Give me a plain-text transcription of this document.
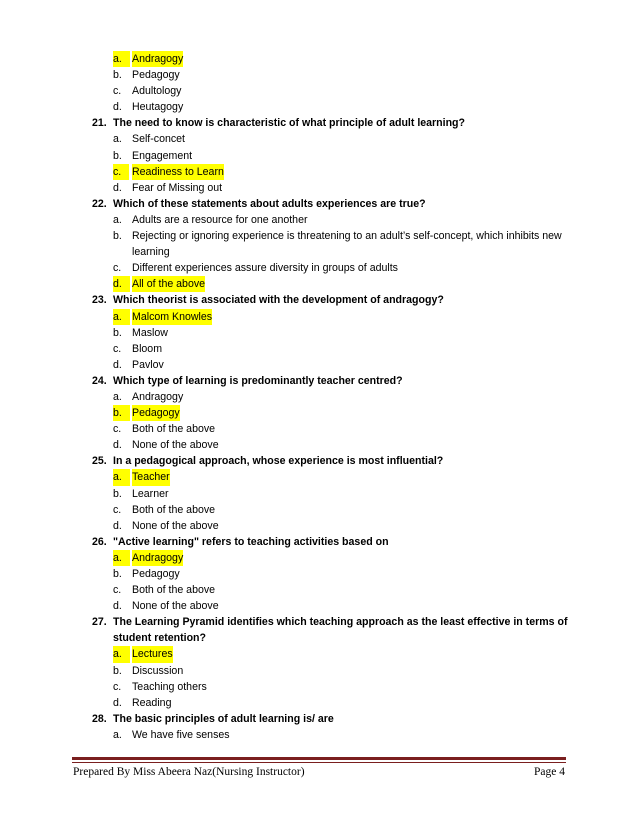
a. Andragogy
b. Pedagogy
c. Adultology
d. Heutagogy
21. The need to know is characteristic of what principle of adult learning?
a. Self-concet
b. Engagement
c.	Readiness to Learn
d. Fear of Missing out
22. Which of these statements about adults experiences are true?
a. Adults are a resource for one another
b. Rejecting or ignoring experience is threatening to an adult’s self-concept, which inhibits new
learning
c. Different experiences assure diversity in groups of adults
d. All of the above
23. Which theorist is associated with the development of andragogy?
a. Malcom Knowles
b. Maslow
c. Bloom
d. Pavlov
24. Which type of learning is predominantly teacher centred?
a. Andragogy
b. Pedagogy
c. Both of the above
d. None of the above
25. In a pedagogical approach, whose experience is most influential?
a. Teacher
b. Learner
c. Both of the above
d. None of the above
26. "Active learning" refers to teaching activities based on
a. Andragogy
b. Pedagogy
c. Both of the above
d. None of the above
27. The Learning Pyramid identifies which teaching approach as the least effective in terms of
student retention?
a. Lectures
b. Discussion
c. Teaching others
d. Reading
28. The basic principles of adult learning is/ are
a. We have five senses
Prepared By Miss Abeera Naz(Nursing Instructor)	Page 4
